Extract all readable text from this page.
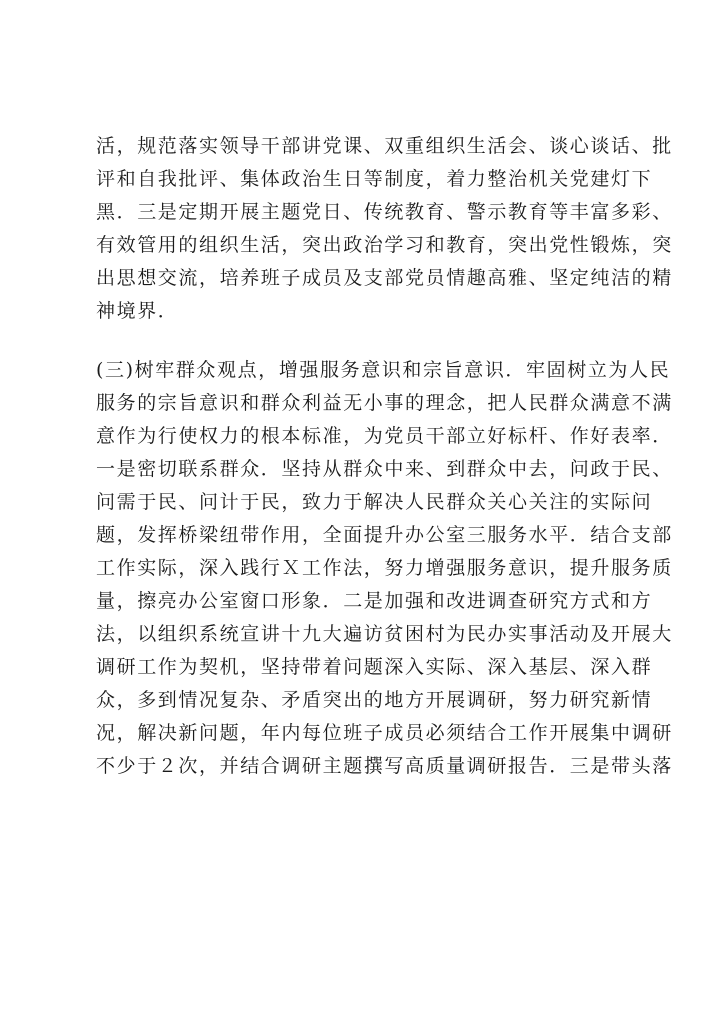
活，规范落实领导干部讲党课、双重组织生活会、谈心谈话、批
评和自我批评、集体政治生日等制度，着力整治机关党建灯下
黑．三是定期开展主题党日、传统教育、警示教育等丰富多彩、
有效管用的组织生活，突出政治学习和教育，突出党性锻炼，突
出思想交流，培养班子成员及支部党员情趣高雅、坚定纯洁的精
神境界．
(三)树牢群众观点，增强服务意识和宗旨意识．牢固树立为人民
服务的宗旨意识和群众利益无小事的理念，把人民群众满意不满
意作为行使权力的根本标准，为党员干部立好标杆、作好表率．
一是密切联系群众．坚持从群众中来、到群众中去，问政于民、
问需于民、问计于民，致力于解决人民群众关心关注的实际问
题，发挥桥梁纽带作用，全面提升办公室三服务水平．结合支部
工作实际，深入践行Ｘ工作法，努力增强服务意识，提升服务质
量，擦亮办公室窗口形象．二是加强和改进调查研究方式和方
法，以组织系统宣讲十九大遍访贫困村为民办实事活动及开展大
调研工作为契机，坚持带着问题深入实际、深入基层、深入群
众，多到情况复杂、矛盾突出的地方开展调研，努力研究新情
况，解决新问题，年内每位班子成员必须结合工作开展集中调研
不少于２次，并结合调研主题撰写高质量调研报告．三是带头落
